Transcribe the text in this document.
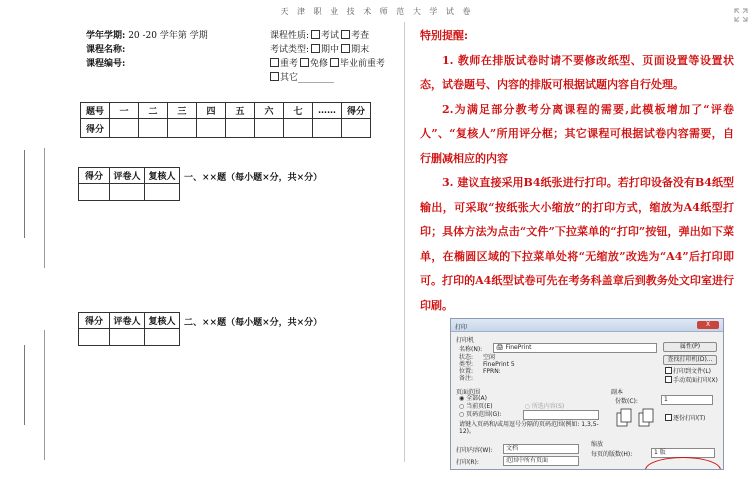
天 津 职 业 技 术 师 范 大 学 试 卷
学年学期: 20 -20 学年第 学期
课程名称:
课程编号:
课程性质: 考试 考查
考试类型: 期中 期末
重考 免修 毕业前重考
其它________
题号	一	二	三	四	五	六	七	……	得分
得分									
得分	评卷人	复核人
		一、××题（每小题×分，共×分）
得分	评卷人	复核人
		二、××题（每小题×分，共×分）

特别提醒:

1. 教师在排版试卷时请不要修改纸型、页面设置等设置状态，试卷题号、内容的排版可根据试题内容自行处理。

2.为满足部分教考分离课程的需要,此模板增加了“评卷人”、“复核人”所用评分框；其它课程可根据试卷内容需要，自行删减相应的内容

3. 建议直接采用B4纸张进行打印。若打印设备没有B4纸型输出，可采取“按纸张大小缩放”的打印方式，缩放为A4纸型打印；具体方法为点击“文件”下拉菜单的“打印”按钮，弹出如下菜单，在椭圆区域的下拉菜单处将“无缩放”改选为“A4”后打印即可。打印的A4纸型试卷可先在考务科盖章后到教务处文印室进行印刷。

打印	X
打印机
名称(N):	🖨 FinePrint	属性(P)
状态: 空闲
类型: FinePrint 5
位置: FPRN:
备注:
查找打印机(D)...
打印到文件(L)
手动双面打印(X)
页面范围
◉ 全部(A)
○ 当前页(E)	○ 所选内容(S)
○ 页码范围(G):
请键入页码和/或用逗号分隔的页码范围(例如: 1,3,5-12)。
副本
份数(C):	1
逐份打印(T)
打印内容(W):	文档
打印(R):	范围中所有页面
缩放
每页的版数(H):	1 版
